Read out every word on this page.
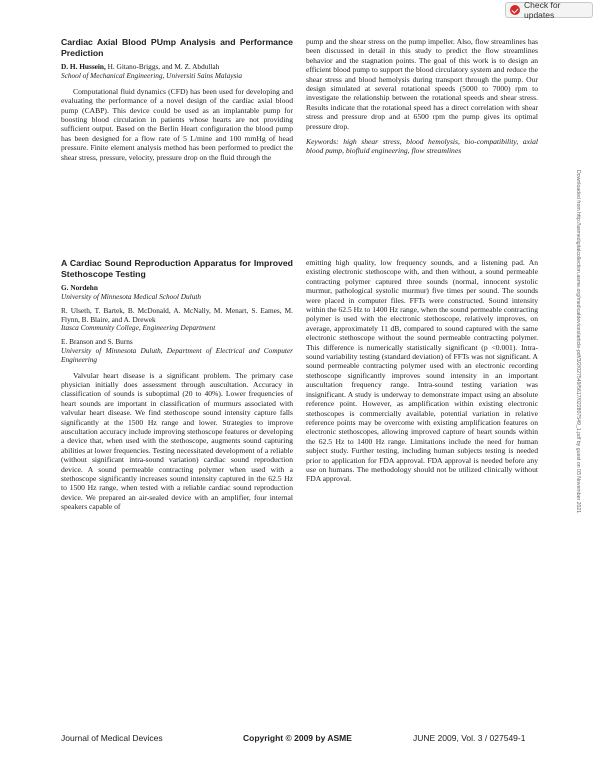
Check for updates

Cardiac Axial Blood PUmp Analysis and Performance Prediction

D. H. Hussein, H. Gitano-Briggs, and M. Z. Abdullah

School of Mechanical Engineering, Universiti Sains Malaysia

Computational fluid dynamics (CFD) has been used for developing and evaluating the performance of a novel design of the cardiac axial blood pump (CABP). This device could be used as an implantable pump for boosting blood circulation in patients whose hearts are not providing sufficient output. Based on the Berlin Heart configuration the blood pump has been designed for a flow rate of 5 L/mine and 100 mmHg of head pressure. Finite element analysis method has been performed to predict the shear stress, pressure, velocity, pressure drop on the fluid through the

pump and the shear stress on the pump impeller. Also, flow streamlines has been discussed in detail in this study to predict the flow streamlines behavior and the stagnation points. The goal of this work is to design an efficient blood pump to support the blood circulatory system and reduce the shear stress and blood hemolysis during transport through the pump. Our design simulated at several rotational speeds (5000 to 7000) rpm to investigate the relationship between the rotational speeds and shear stress. Results indicate that the rotational speed has a direct correlation with shear stress and pressure drop and at 6500 rpm the pump gives its optimal pressure drop.

Keywords: high shear stress, blood hemolysis, bio-compatibility, axial blood pump, biofluid engineering, flow streamlines

A Cardiac Sound Reproduction Apparatus for Improved Stethoscope Testing

G. Nordehn

University of Minnesota Medical School Duluth

R. Ulseth, T. Bartek, B. McDonald, A. McNally, M. Menart, S. Eames, M. Flynn, B. Blaire, and A. Drewek

Itasca Community College, Engineering Department

E. Branson and S. Burns

University of Minnesota Duluth, Department of Electrical and Computer Engineering

Valvular heart disease is a significant problem. The primary case physician initially does assessment through auscultation. Accuracy in classification of sounds is suboptimal (20 to 40%). Lower frequencies of heart sounds are important in classification of murmurs associated with valvular heart disease. We find stethoscope sound intensity capture falls significantly at the 1500 Hz range and lower. Strategies to improve auscultation accuracy include improving stethoscope features or developing a device that, when used with the stethoscope, augments sound capturing abilities at lower frequencies. Testing necessitated development of a reliable (without significant intra-sound variation) cardiac sound reproduction device. A sound permeable contracting polymer when used with a stethoscope significantly increases sound intensity captured in the 62.5 Hz to 1500 Hz range, when tested with a reliable cardiac sound reproduction device. We prepared an air-sealed device with an amplifier, four internal speakers capable of

emitting high quality, low frequency sounds, and a listening pad. An existing electronic stethoscope with, and then without, a sound permeable contracting polymer captured three sounds (normal, innocent systolic murmur, pathological systolic murmur) five times per sound. The sounds were placed in computer files. FFTs were constructed. Sound intensity within the 62.5 Hz to 1400 Hz range, when the sound permeable contracting polymer is used with the electronic stethoscope, relatively improves, on average, approximately 11 dB, compared to sound captured with the same electronic stethoscope without the sound permeable contracting polymer. This difference is numerically statistically significant (p <0.001). Intra-sound variability testing (standard deviation) of FFTs was not significant. A sound permeable contracting polymer used with an electronic recording stethoscope significantly improves sound intensity in an important auscultation frequency range. Intra-sound testing variation was insignificant. A study is underway to demonstrate impact using an absolute reference point. However, as amplification within existing electronic stethoscopes is commercially available, potential variation in relative reference points may be overcome with existing amplification features on electronic stethoscopes, allowing improved capture of heart sounds within the 62.5 Hz to 1400 Hz range. Limitations include the need for human subject study. Further testing, including human subjects testing is needed prior to application for FDA approval. FDA approval is needed before any use on humans. The methodology should not be utilized clinically without FDA approval.	Downloaded from http://asmedigitalcollection.asme.org/medicaldevices/article-pdf/3/2/027549/5617/022807549_1.pdf by guest on 03 November 2021
Journal of Medical Devices	Copyright © 2009 by ASME	JUNE 2009, Vol. 3 / 027549-1
